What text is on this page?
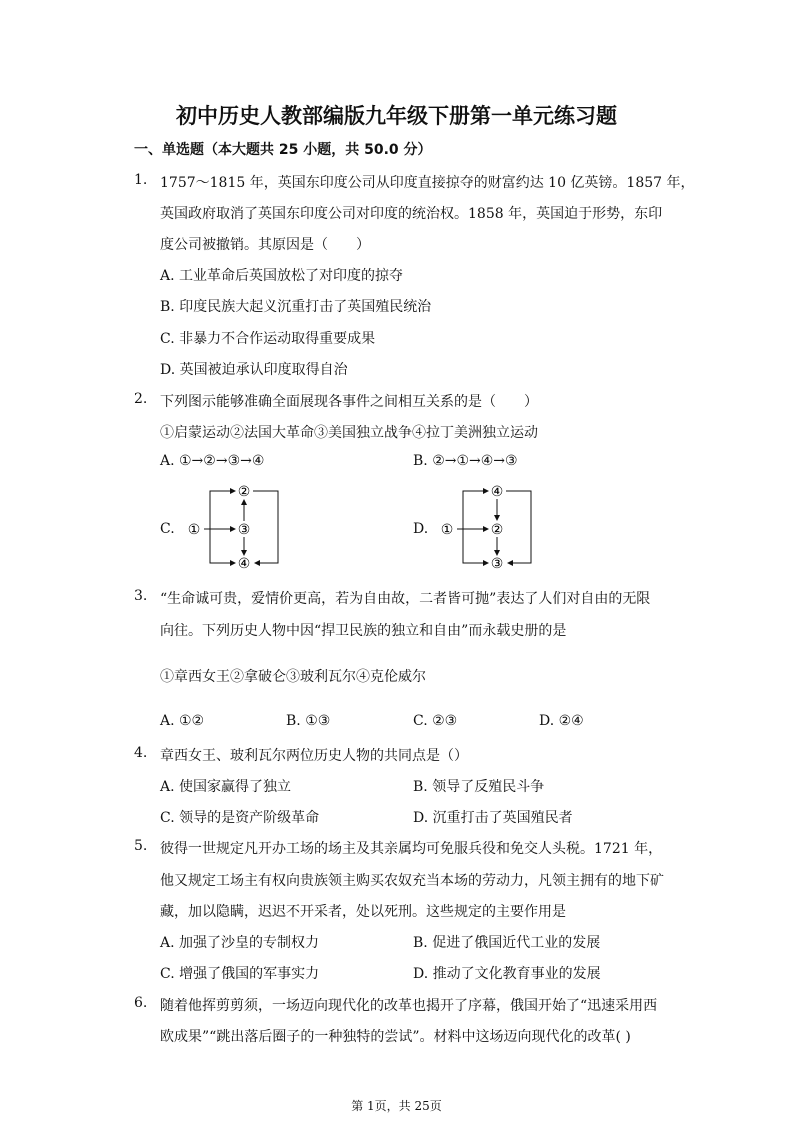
初中历史人教部编版九年级下册第一单元练习题
一、单选题（本大题共 25 小题，共 50.0 分）
1. 1757～1815 年，英国东印度公司从印度直接掠夺的财富约达 10 亿英镑。1857 年，
英国政府取消了英国东印度公司对印度的统治权。1858 年，英国迫于形势，东印
度公司被撤销。其原因是（　　）
A. 工业革命后英国放松了对印度的掠夺
B. 印度民族大起义沉重打击了英国殖民统治
C. 非暴力不合作运动取得重要成果
D. 英国被迫承认印度取得自治
2. 下列图示能够准确全面展现各事件之间相互关系的是（　　）
①启蒙运动②法国大革命③美国独立战争④拉丁美洲独立运动
A. ①→②→③→④	B. ②→①→④→③
C.	D.
①
②
③
④
①
④
②
③
3. “生命诚可贵，爱情价更高，若为自由故，二者皆可抛”表达了人们对自由的无限
向往。下列历史人物中因“捍卫民族的独立和自由”而永载史册的是
①章西女王②拿破仑③玻利瓦尔④克伦威尔
A. ①②	B. ①③	C. ②③	D. ②④
4. 章西女王、玻利瓦尔两位历史人物的共同点是（）
A. 使国家赢得了独立	B. 领导了反殖民斗争
C. 领导的是资产阶级革命	D. 沉重打击了英国殖民者
5. 彼得一世规定凡开办工场的场主及其亲属均可免服兵役和免交人头税。1721 年，
他又规定工场主有权向贵族领主购买农奴充当本场的劳动力，凡领主拥有的地下矿
藏，加以隐瞒，迟迟不开采者，处以死刑。这些规定的主要作用是
A. 加强了沙皇的专制权力	B. 促进了俄国近代工业的发展
C. 增强了俄国的军事实力	D. 推动了文化教育事业的发展
6. 随着他挥剪剪须，一场迈向现代化的改革也揭开了序幕，俄国开始了“迅速采用西
欧成果”“跳出落后圈子的一种独特的尝试”。材料中这场迈向现代化的改革( )
第 1页，共 25页
